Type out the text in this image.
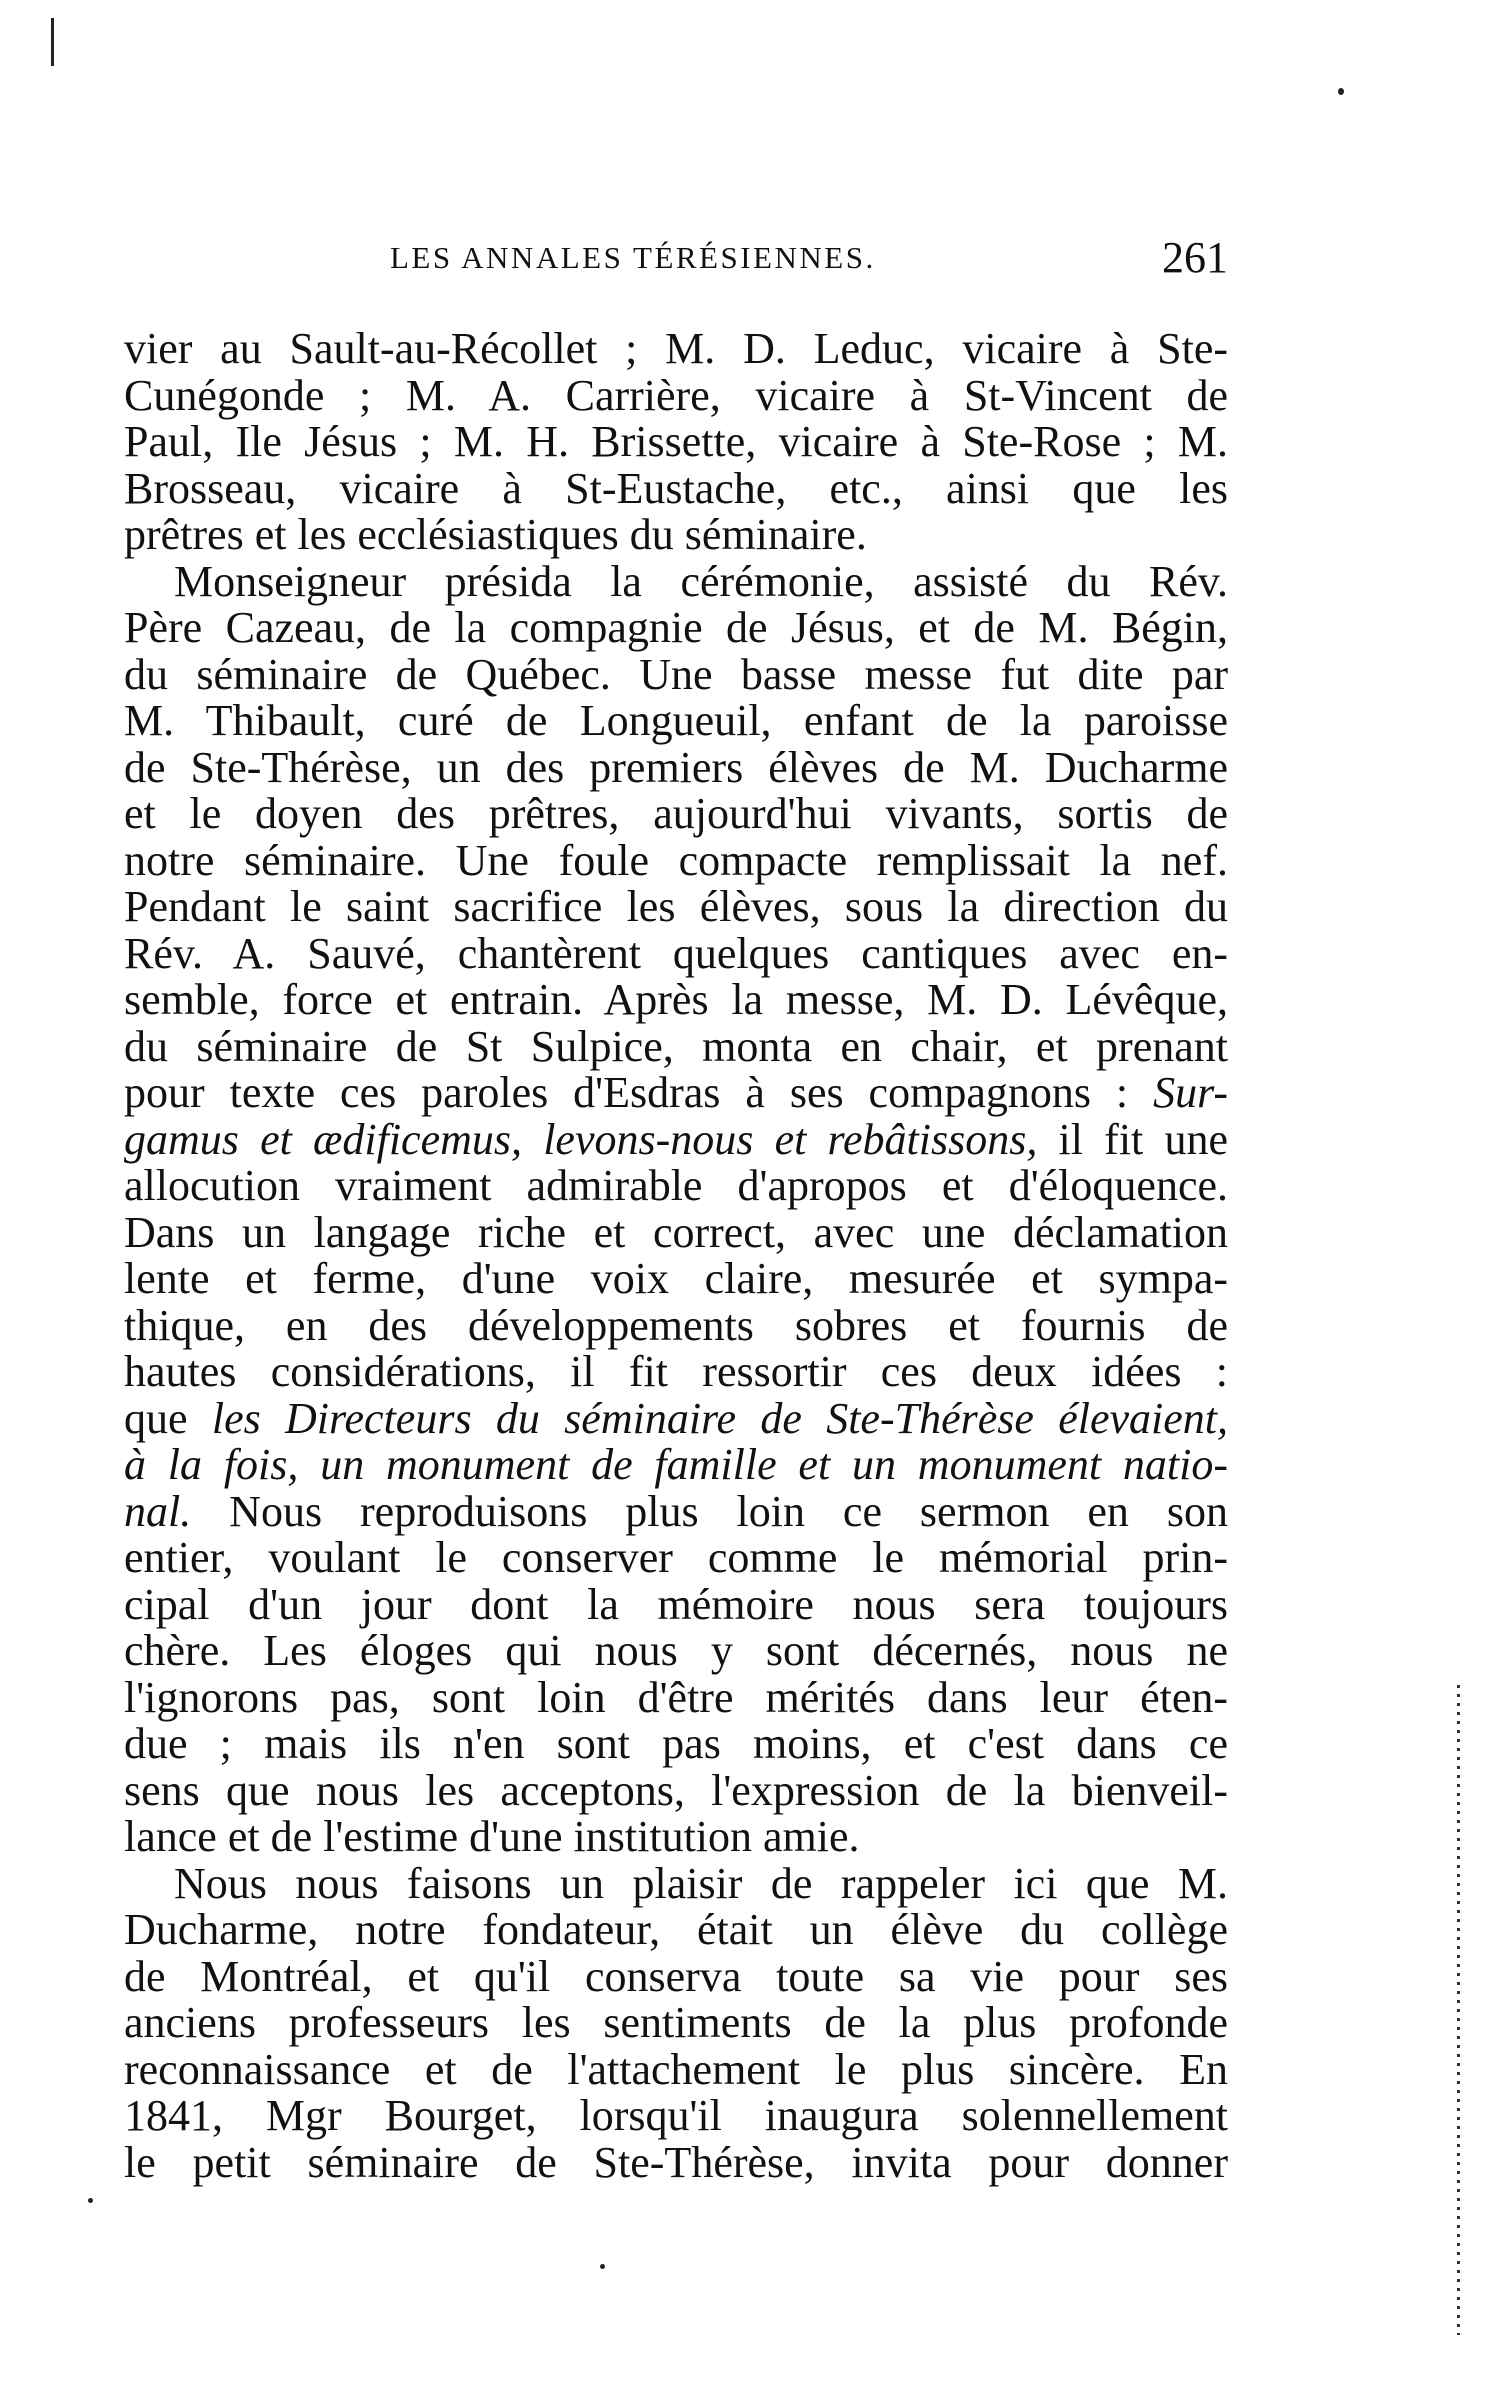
LES ANNALES TÉRÉSIENNES.	261
vier au Sault-au-Récollet ; M. D. Leduc, vicaire à Ste-
Cunégonde ; M. A. Carrière, vicaire à St-Vincent de
Paul, Ile Jésus ; M. H. Brissette, vicaire à Ste-Rose ; M.
Brosseau, vicaire à St-Eustache, etc., ainsi que les
prêtres et les ecclésiastiques du séminaire.
Monseigneur présida la cérémonie, assisté du Rév.
Père Cazeau, de la compagnie de Jésus, et de M. Bégin,
du séminaire de Québec. Une basse messe fut dite par
M. Thibault, curé de Longueuil, enfant de la paroisse
de Ste-Thérèse, un des premiers élèves de M. Ducharme
et le doyen des prêtres, aujourd'hui vivants, sortis de
notre séminaire. Une foule compacte remplissait la nef.
Pendant le saint sacrifice les élèves, sous la direction du
Rév. A. Sauvé, chantèrent quelques cantiques avec en-
semble, force et entrain. Après la messe, M. D. Lévêque,
du séminaire de St Sulpice, monta en chair, et prenant
pour texte ces paroles d'Esdras à ses compagnons : Sur-
gamus et ædificemus, levons-nous et rebâtissons, il fit une
allocution vraiment admirable d'apropos et d'éloquence.
Dans un langage riche et correct, avec une déclamation
lente et ferme, d'une voix claire, mesurée et sympa-
thique, en des développements sobres et fournis de
hautes considérations, il fit ressortir ces deux idées :
que les Directeurs du séminaire de Ste-Thérèse élevaient,
à la fois, un monument de famille et un monument natio-
nal. Nous reproduisons plus loin ce sermon en son
entier, voulant le conserver comme le mémorial prin-
cipal d'un jour dont la mémoire nous sera toujours
chère. Les éloges qui nous y sont décernés, nous ne
l'ignorons pas, sont loin d'être mérités dans leur éten-
due ; mais ils n'en sont pas moins, et c'est dans ce
sens que nous les acceptons, l'expression de la bienveil-
lance et de l'estime d'une institution amie.
Nous nous faisons un plaisir de rappeler ici que M.
Ducharme, notre fondateur, était un élève du collège
de Montréal, et qu'il conserva toute sa vie pour ses
anciens professeurs les sentiments de la plus profonde
reconnaissance et de l'attachement le plus sincère. En
1841, Mgr Bourget, lorsqu'il inaugura solennellement
le petit séminaire de Ste-Thérèse, invita pour donner
